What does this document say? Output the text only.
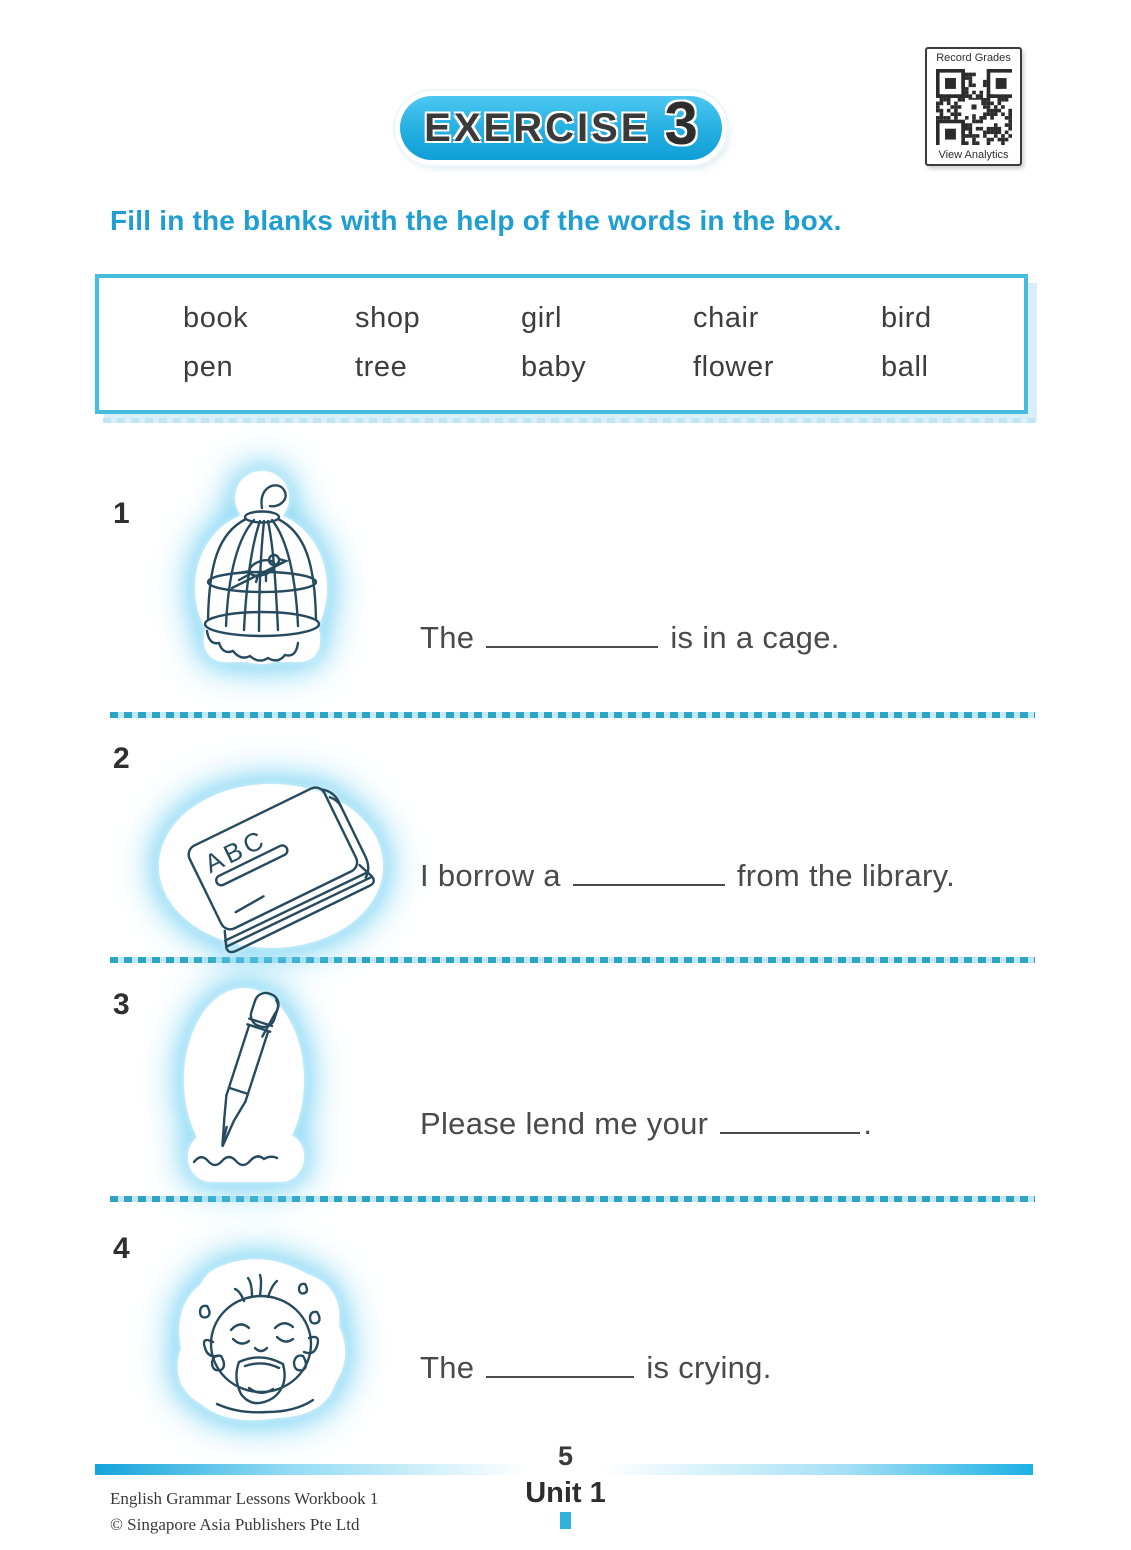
Record Grades
View Analytics
EXERCISE 3
Fill in the blanks with the help of the words in the box.
book	shop	girl	chair	bird
pen	tree	baby	flower	ball
1
2
3
4
ABC
The	is in a cage.
I borrow a	from the library.
Please lend me your	.
The	is crying.
5
Unit 1
English Grammar Lessons Workbook 1
© Singapore Asia Publishers Pte Ltd
